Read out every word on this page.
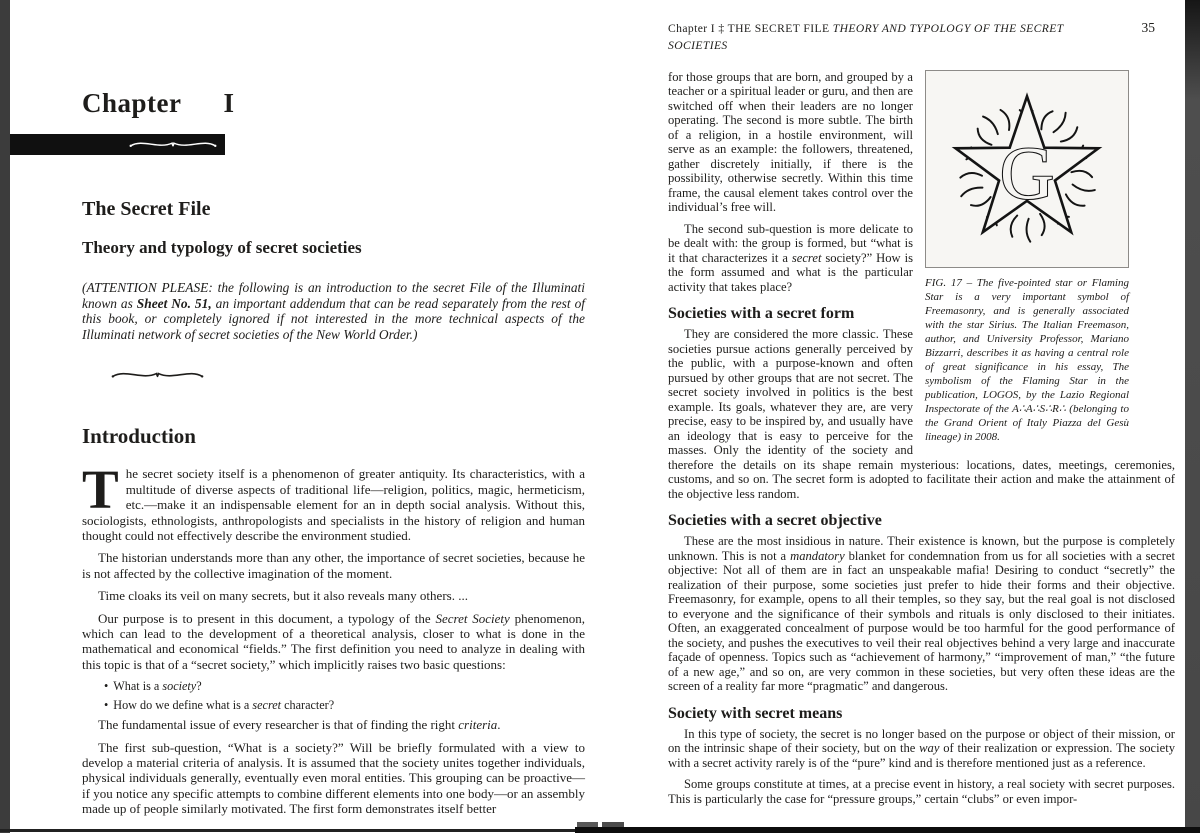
Chapter I
The Secret File
Theory and typology of secret societies
(ATTENTION PLEASE: the following is an introduction to the secret File of the Illuminati known as Sheet No. 51, an important addendum that can be read separately from the rest of this book, or completely ignored if not interested in the more technical aspects of the Illuminati network of secret societies of the New World Order.)
Introduction
The secret society itself is a phenomenon of greater antiquity. Its characteristics, with a multitude of diverse aspects of traditional life—religion, politics, magic, hermeticism, etc.—make it an indispensable element for an in depth social analysis. Without this, sociologists, ethnologists, anthropologists and specialists in the history of religion and human thought could not effectively describe the environment studied.
The historian understands more than any other, the importance of secret societies, because he is not affected by the collective imagination of the moment.
Time cloaks its veil on many secrets, but it also reveals many others. ...
Our purpose is to present in this document, a typology of the Secret Society phenomenon, which can lead to the development of a theoretical analysis, closer to what is done in the mathematical and economical “fields.” The first definition you need to analyze in dealing with this topic is that of a “secret society,” which implicitly raises two basic questions:
• What is a society?
• How do we define what is a secret character?
The fundamental issue of every researcher is that of finding the right criteria.
The first sub-question, “What is a society?” Will be briefly formulated with a view to develop a material criteria of analysis. It is assumed that the society unites together individuals, physical individuals generally, eventually even moral entities. This grouping can be proactive—if you notice any specific attempts to combine different elements into one body—or an assembly made up of people similarly motivated. The first form demonstrates itself better
Chapter I ‡ THE SECRET FILE THEORY AND TYPOLOGY OF THE SECRET SOCIETIES
35
G
FIG. 17 – The five-pointed star or Flaming Star is a very important symbol of Freemasonry, and is generally associated with the star Sirius. The Italian Freemason, author, and University Professor, Mariano Bizzarri, describes it as having a central role of great significance in his essay, The symbolism of the Flaming Star in the publication, LOGOS, by the Lazio Regional Inspectorate of the A∴A∴S∴R∴ (belonging to the Grand Orient of Italy Piazza del Gesù lineage) in 2008.
for those groups that are born, and grouped by a teacher or a spiritual leader or guru, and then are switched off when their leaders are no longer operating. The second is more subtle. The birth of a religion, in a hostile environment, will serve as an example: the followers, threatened, gather discretely initially, if there is the possibility, otherwise secretly. Within this time frame, the causal element takes control over the individual’s free will.
The second sub-question is more delicate to be dealt with: the group is formed, but “what is it that characterizes it a secret society?” How is the form assumed and what is the particular activity that takes place?
Societies with a secret form
They are considered the more classic. These societies pursue actions generally perceived by the public, with a purpose-known and often pursued by other groups that are not secret. The secret society involved in politics is the best example. Its goals, whatever they are, are very precise, easy to be inspired by, and usually have an ideology that is easy to perceive for the masses. Only the identity of the society and therefore the details on its shape remain mysterious: locations, dates, meetings, ceremonies, customs, and so on. The secret form is adopted to facilitate their action and make the attainment of the objective less random.
Societies with a secret objective
These are the most insidious in nature. Their existence is known, but the purpose is completely unknown. This is not a mandatory blanket for condemnation from us for all societies with a secret objective: Not all of them are in fact an unspeakable mafia! Desiring to conduct “secretly” the realization of their purpose, some societies just prefer to hide their forms and their objective. Freemasonry, for example, opens to all their temples, so they say, but the real goal is not disclosed to everyone and the significance of their symbols and rituals is only disclosed to their initiates. Often, an exaggerated concealment of purpose would be too harmful for the good performance of the society, and pushes the executives to veil their real objectives behind a very large and inaccurate façade of openness. Topics such as “achievement of harmony,” “improvement of man,” “the future of a new age,” and so on, are very common in these societies, but very often these ideas are the screen of a reality far more “pragmatic” and dangerous.
Society with secret means
In this type of society, the secret is no longer based on the purpose or object of their mission, or on the intrinsic shape of their society, but on the way of their realization or expression. The society with a secret activity rarely is of the “pure” kind and is therefore mentioned just as a reference.
Some groups constitute at times, at a precise event in history, a real society with secret purposes. This is particularly the case for “pressure groups,” certain “clubs” or even impor-
